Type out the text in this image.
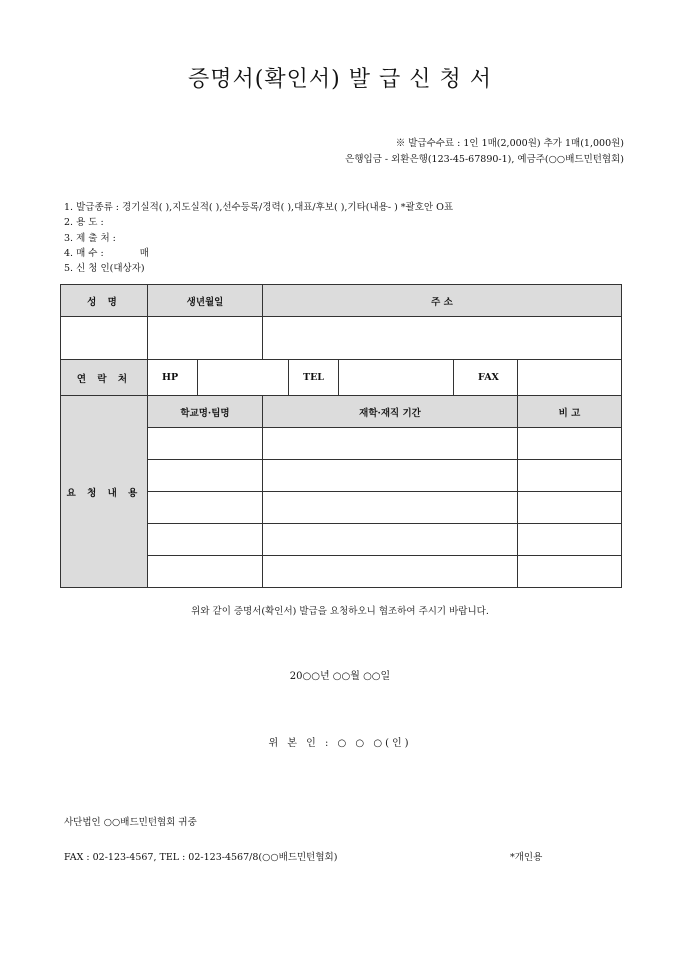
증명서(확인서) 발 급 신 청 서
※ 발급수수료 : 1인 1매(2,000원) 추가 1매(1,000원)
은행입금 - 외환은행(123-45-67890-1), 예금주(○○배드민턴협회)
1. 발급종류 : 경기실적( ),지도실적( ),선수등록/경력( ),대표/후보( ),기타(내용- ) *괄호안 O표
2. 용 도 :
3. 제 출 처 :
4. 매 수 :	매
5. 신 청 인(대상자)
성 명	생년월일		주 소				

연 락 처	HP			TEL		FAX	
요 청 내 용	학교명·팀명		재학·재직 기간				비 고

위와 같이 증명서(확인서) 발급을 요청하오니 협조하여 주시기 바랍니다.
20○○년 ○○월 ○○일
위 본 인 : ○ ○ ○(인)
사단법인 ○○배드민턴협회 귀중
FAX : 02-123-4567, TEL : 02-123-4567/8(○○배드민턴협회)	*개인용
